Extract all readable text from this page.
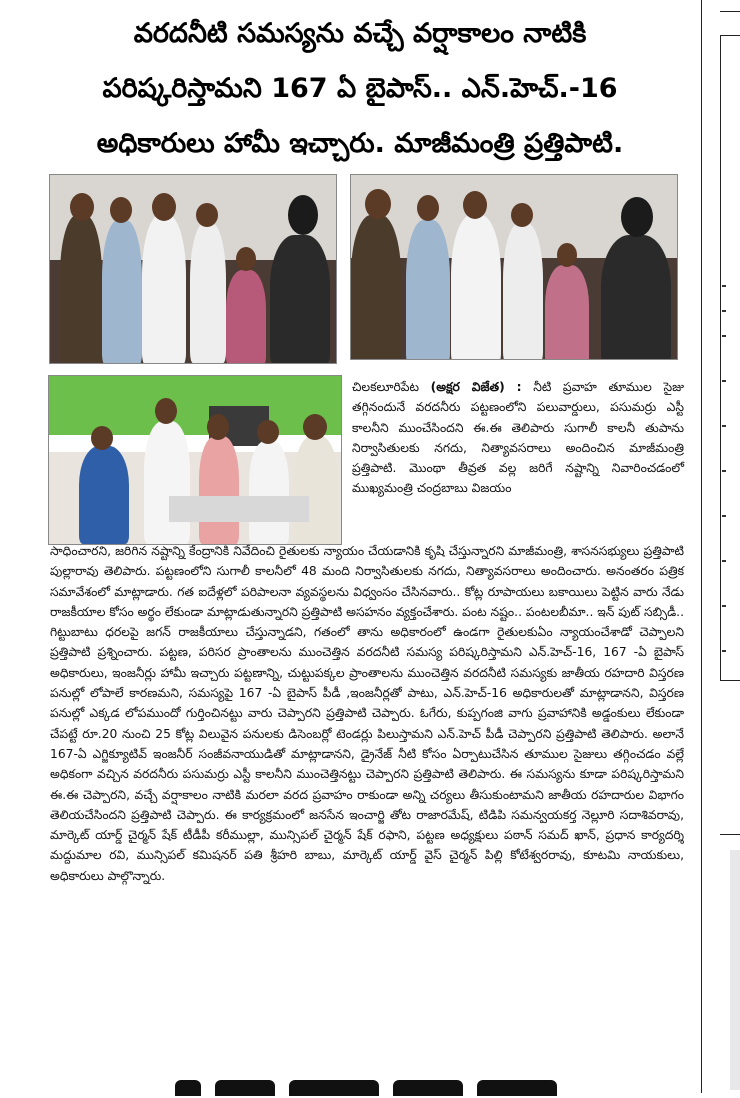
వరదనీటి సమస్యను వచ్చే వర్షాకాలం నాటికి
పరిష్కరిస్తామని 167 ఏ బైపాస్.. ఎన్.హెచ్.-16
అధికారులు హామీ ఇచ్చారు. మాజీమంత్రి ప్రత్తిపాటి.

చిలకలూరిపేట (అక్షర విజేత) : నీటి ప్రవాహ తూముల సైజు తగ్గినందునే వరదనీరు పట్టణంలోని పలువార్డులు, పసుమర్రు ఎస్టీ కాలనీని ముంచేసిందని ఈ.ఈ తెలిపారు సుగాలీ కాలనీ తుపాను నిర్వాసితులకు నగదు, నిత్యావసరాలు అందించిన మాజీమంత్రి ప్రత్తిపాటి. మొంథా తీవ్రత వల్ల జరిగే నష్టాన్ని నివారించడంలో ముఖ్యమంత్రి చంద్రబాబు విజయం

సాధించారని, జరిగిన నష్టాన్ని కేంద్రానికి నివేదించి రైతులకు న్యాయం చేయడానికి కృషి చేస్తున్నారని మాజీమంత్రి, శాసనసభ్యులు ప్రత్తిపాటి పుల్లారావు తెలిపారు. పట్టణంలోని సుగాలీ కాలనీలో 48 మంది నిర్వాసితులకు నగదు, నిత్యావసరాలు అందించారు. అనంతరం పత్రిక సమావేశంలో మాట్లాడారు. గత ఐదేళ్లలో పరిపాలనా వ్యవస్థలను విధ్వంసం చేసినవారు.. కోట్ల రూపాయలు బకాయిలు పెట్టిన వారు నేడు రాజకీయాల కోసం అర్థం లేకుండా మాట్లాడుతున్నారని ప్రత్తిపాటి అసహనం వ్యక్తంచేశారు. పంట నష్టం.. పంటలబీమా.. ఇన్ పుట్ సబ్సిడీ.. గిట్టుబాటు ధరలపై జగన్ రాజకీయాలు చేస్తున్నాడని, గతంలో తాను అధికారంలో ఉండగా రైతులకుఏం న్యాయంచేశాడో చెప్పాలని ప్రత్తిపాటి ప్రశ్నించారు. పట్టణ, పరిసర ప్రాంతాలను ముంచెత్తిన వరదనీటి సమస్య పరిష్కరిస్తామని ఎన్.హెచ్-16, 167 -ఏ బైపాస్ అధికారులు, ఇంజనీర్లు హామీ ఇచ్చారు పట్టణాన్ని, చుట్టుపక్కల ప్రాంతాలను ముంచెత్తిన వరదనీటి సమస్యకు జాతీయ రహదారి విస్తరణ పనుల్లో లోపాలే కారణమని, సమస్యపై 167 -ఏ బైపాస్ పీడీ ,ఇంజనీర్లతో పాటు, ఎన్.హెచ్-16 అధికారులతో మాట్లాడానని, విస్తరణ పనుల్లో ఎక్కడ లోపముందో గుర్తించినట్టు వారు చెప్పారని ప్రత్తిపాటి చెప్పారు. ఓగేరు, కుప్పగంజి వాగు ప్రవాహానికి అడ్డంకులు లేకుండా చేపట్టే రూ.20 నుంచి 25 కోట్ల విలువైన పనులకు డిసెంబర్లో టెండర్లు పిలుస్తామని ఎన్.హెచ్ పీడీ చెప్పారని ప్రత్తిపాటి తెలిపారు. అలానే 167-ఏ ఎగ్జిక్యూటివ్ ఇంజనీర్ సంజీవనాయుడితో మాట్లాడానని, డ్రైనేజ్ నీటి కోసం ఏర్పాటుచేసిన తూముల సైజులు తగ్గించడం వల్లే అధికంగా వచ్చిన వరదనీరు పసుమర్రు ఎస్టీ కాలనీని ముంచెత్తినట్టు చెప్పారని ప్రత్తిపాటి తెలిపారు. ఈ సమస్యను కూడా పరిష్కరిస్తామని ఈ.ఈ చెప్పారని, వచ్చే వర్షాకాలం నాటికి మరలా వరద ప్రవాహం రాకుండా అన్ని చర్యలు తీసుకుంటామని జాతీయ రహదారుల విభాగం తెలియచేసిందని ప్రత్తిపాటి చెప్పారు. ఈ కార్యక్రమంలో జనసేన ఇంచార్జి తోట రాజారమేష్, టిడిపి సమన్వయకర్త నెల్లూరి సదాశివరావు, మార్కెట్ యార్డ్ చైర్మన్ షేక్ టీడీపీ కరీముల్లా, మున్సిపల్ చైర్మన్ షేక్ రఫాని, పట్టణ అధ్యక్షులు పఠాన్ సమద్ ఖాన్, ప్రధాన కార్యదర్శి మద్దుమాల రవి, మున్సిపల్ కమిషనర్ పతి శ్రీహరి బాబు, మార్కెట్ యార్డ్ వైస్ చైర్మన్ పిల్లి కోటేశ్వరరావు, కూటమి నాయకులు, అధికారులు పాల్గొన్నారు.
